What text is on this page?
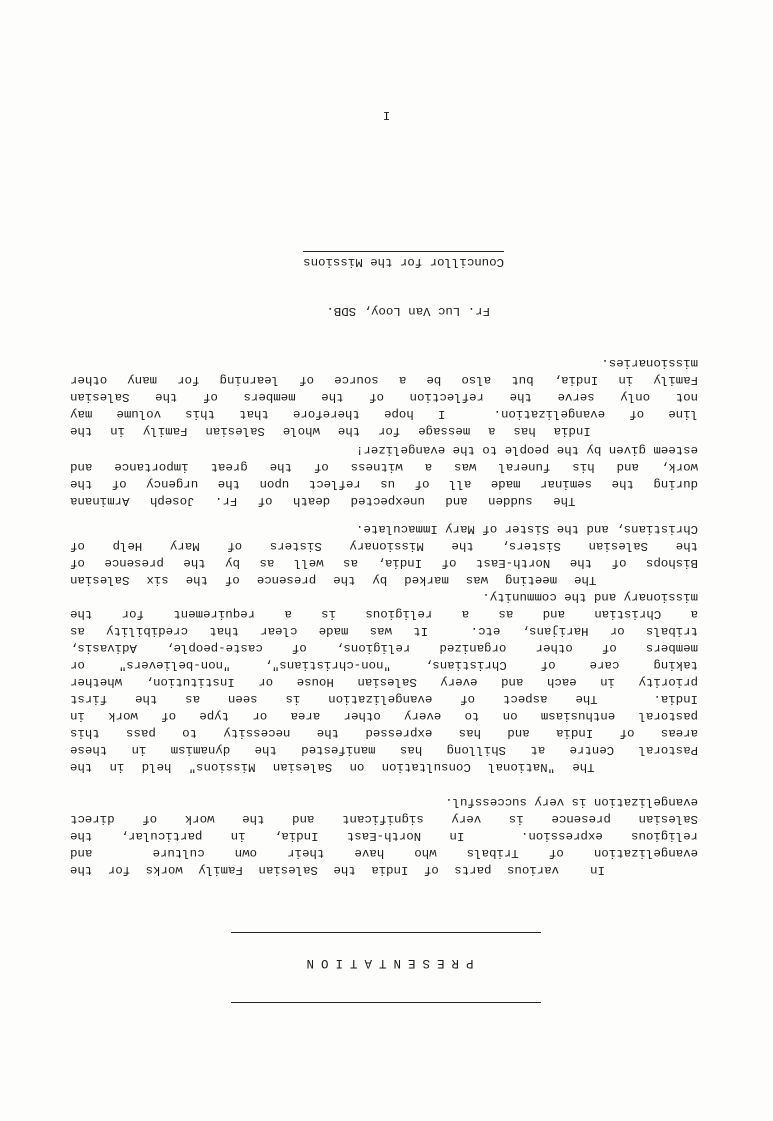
PRESENTATION
In  various parts of India the Salesian Family works for the
evangelization of Tribals who have their own culture  and
religious expression.  In North-East India, in particular, the
Salesian presence is very significant and the work of direct
evangelization is very successful.
The "National Consultation on Salesian Missions" held in the
Pastoral Centre at Shillong has manifested the dynamism in these
areas of India and has expressed the necessity to pass this
pastoral enthusiasm on to every other area or type of work in
India.  The aspect of evangelization is seen as the first
priority in each and every Salesian House or Institution, whether
taking care of Christians, "non-christians", "non-believers" or
members of other organized religions, of caste-people, Adivasis,
tribals or Harijans, etc.  It was made clear that credibility as
a Christian and as a religious is a requirement for the
missionary and the community.
The meeting was marked by the presence of the six Salesian
Bishops of the North-East of India, as well as by the presence of
the Salesian Sisters, the Missionary Sisters of Mary Help of
Christians, and the Sister of Mary Immaculate.
The sudden and unexpected death of Fr. Joseph Arminana
during the seminar made all of us reflect upon the urgency of the
work, and his funeral was a witness of the great importance and
esteem given by the people to the evangelizer!
India has a message for the whole Salesian Family in the
line of evangelization.  I hope therefore that this volume may
not only serve the reflection of the members of the Salesian
Family in India, but also be a source of learning for many other
missionaries.
Fr. Luc Van Looy, SDB.
Councillor for the Missions
I
